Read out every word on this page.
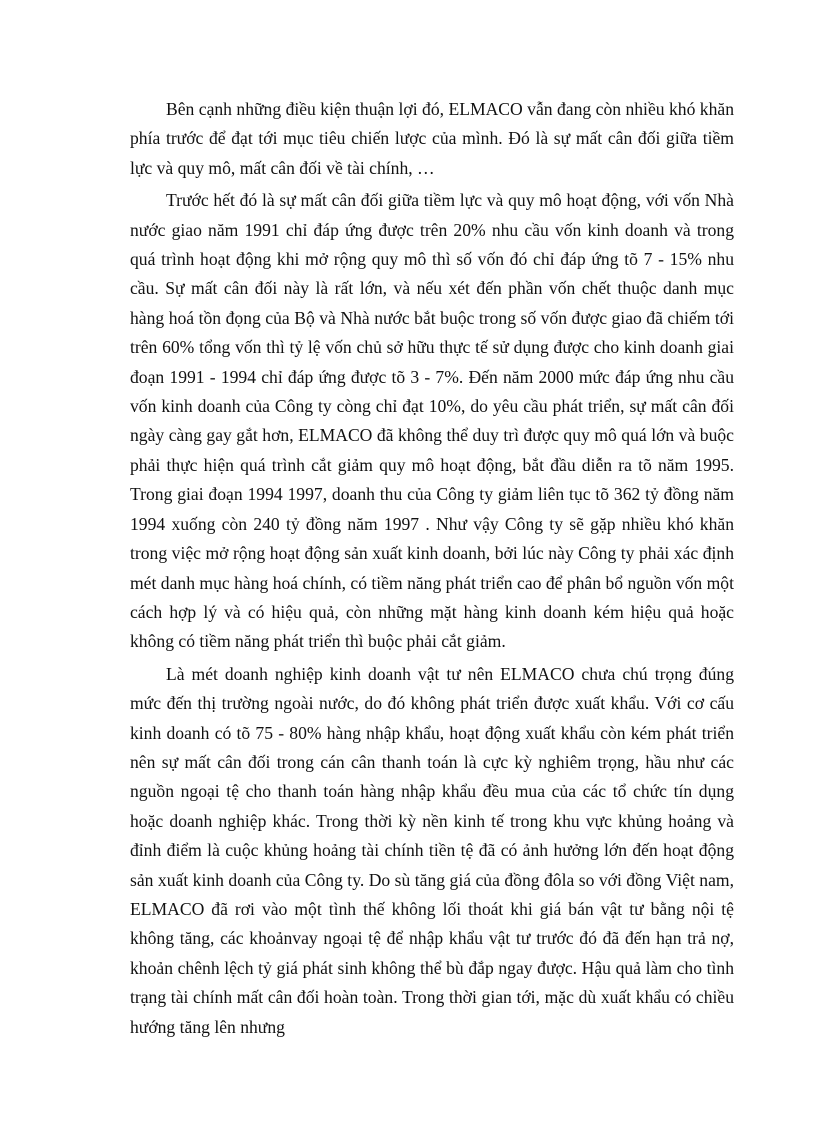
Bên cạnh những điều kiện thuận lợi đó, ELMACO vẫn đang còn nhiều khó khăn phía trước để đạt tới mục tiêu chiến lược của mình. Đó là sự mất cân đối giữa tiềm lực và quy mô, mất cân đối về tài chính, …

Trước hết đó là sự mất cân đối giữa tiềm lực và quy mô hoạt động, với vốn Nhà nước giao năm 1991 chỉ đáp ứng được trên 20% nhu cầu vốn kinh doanh và trong quá trình hoạt động khi mở rộng quy mô thì số vốn đó chỉ đáp ứng tõ 7 - 15% nhu cầu. Sự mất cân đối này là rất lớn, và nếu xét đến phần vốn chết thuộc danh mục hàng hoá tồn đọng của Bộ và Nhà nước bắt buộc trong số vốn được giao đã chiếm tới trên 60% tổng vốn thì tỷ lệ vốn chủ sở hữu thực tế sử dụng được cho kinh doanh giai đoạn 1991 - 1994 chỉ đáp ứng được tõ 3 - 7%. Đến năm 2000 mức đáp ứng nhu cầu vốn kinh doanh của Công ty còng chỉ đạt 10%, do yêu cầu phát triển, sự mất cân đối ngày càng gay gắt hơn, ELMACO đã không thể duy trì được quy mô quá lớn và buộc phải thực hiện quá trình cắt giảm quy mô hoạt động, bắt đầu diễn ra tõ năm 1995. Trong giai đoạn 1994 1997, doanh thu của Công ty giảm liên tục tõ 362 tỷ đồng năm 1994 xuống còn 240 tỷ đồng năm 1997 . Như vậy Công ty sẽ gặp nhiều khó khăn trong việc mở rộng hoạt động sản xuất kinh doanh, bởi lúc này Công ty phải xác định mét danh mục hàng hoá chính, có tiềm năng phát triển cao để phân bổ nguồn vốn một cách hợp lý và có hiệu quả, còn những mặt hàng kinh doanh kém hiệu quả hoặc không có tiềm năng phát triển thì buộc phải cắt giảm.

Là mét doanh nghiệp kinh doanh vật tư nên ELMACO chưa chú trọng đúng mức đến thị trường ngoài nước, do đó không phát triển được xuất khẩu. Với cơ cấu kinh doanh có tõ 75 - 80% hàng nhập khẩu, hoạt động xuất khẩu còn kém phát triển nên sự mất cân đối trong cán cân thanh toán là cực kỳ nghiêm trọng, hầu như các nguồn ngoại tệ cho thanh toán hàng nhập khẩu đều mua của các tổ chức tín dụng hoặc doanh nghiệp khác. Trong thời kỳ nền kinh tế trong khu vực khủng hoảng và đỉnh điểm là cuộc khủng hoảng tài chính tiền tệ đã có ảnh hưởng lớn đến hoạt động sản xuất kinh doanh của Công ty. Do sù tăng giá của đồng đôla so với đồng Việt nam, ELMACO đã rơi vào một tình thế không lối thoát khi giá bán vật tư bằng nội tệ không tăng, các khoảnvay ngoại tệ để nhập khẩu vật tư trước đó đã đến hạn trả nợ, khoản chênh lệch tỷ giá phát sinh không thể bù đắp ngay được. Hậu quả làm cho tình trạng tài chính mất cân đối hoàn toàn. Trong thời gian tới, mặc dù xuất khẩu có chiều hướng tăng lên nhưng
